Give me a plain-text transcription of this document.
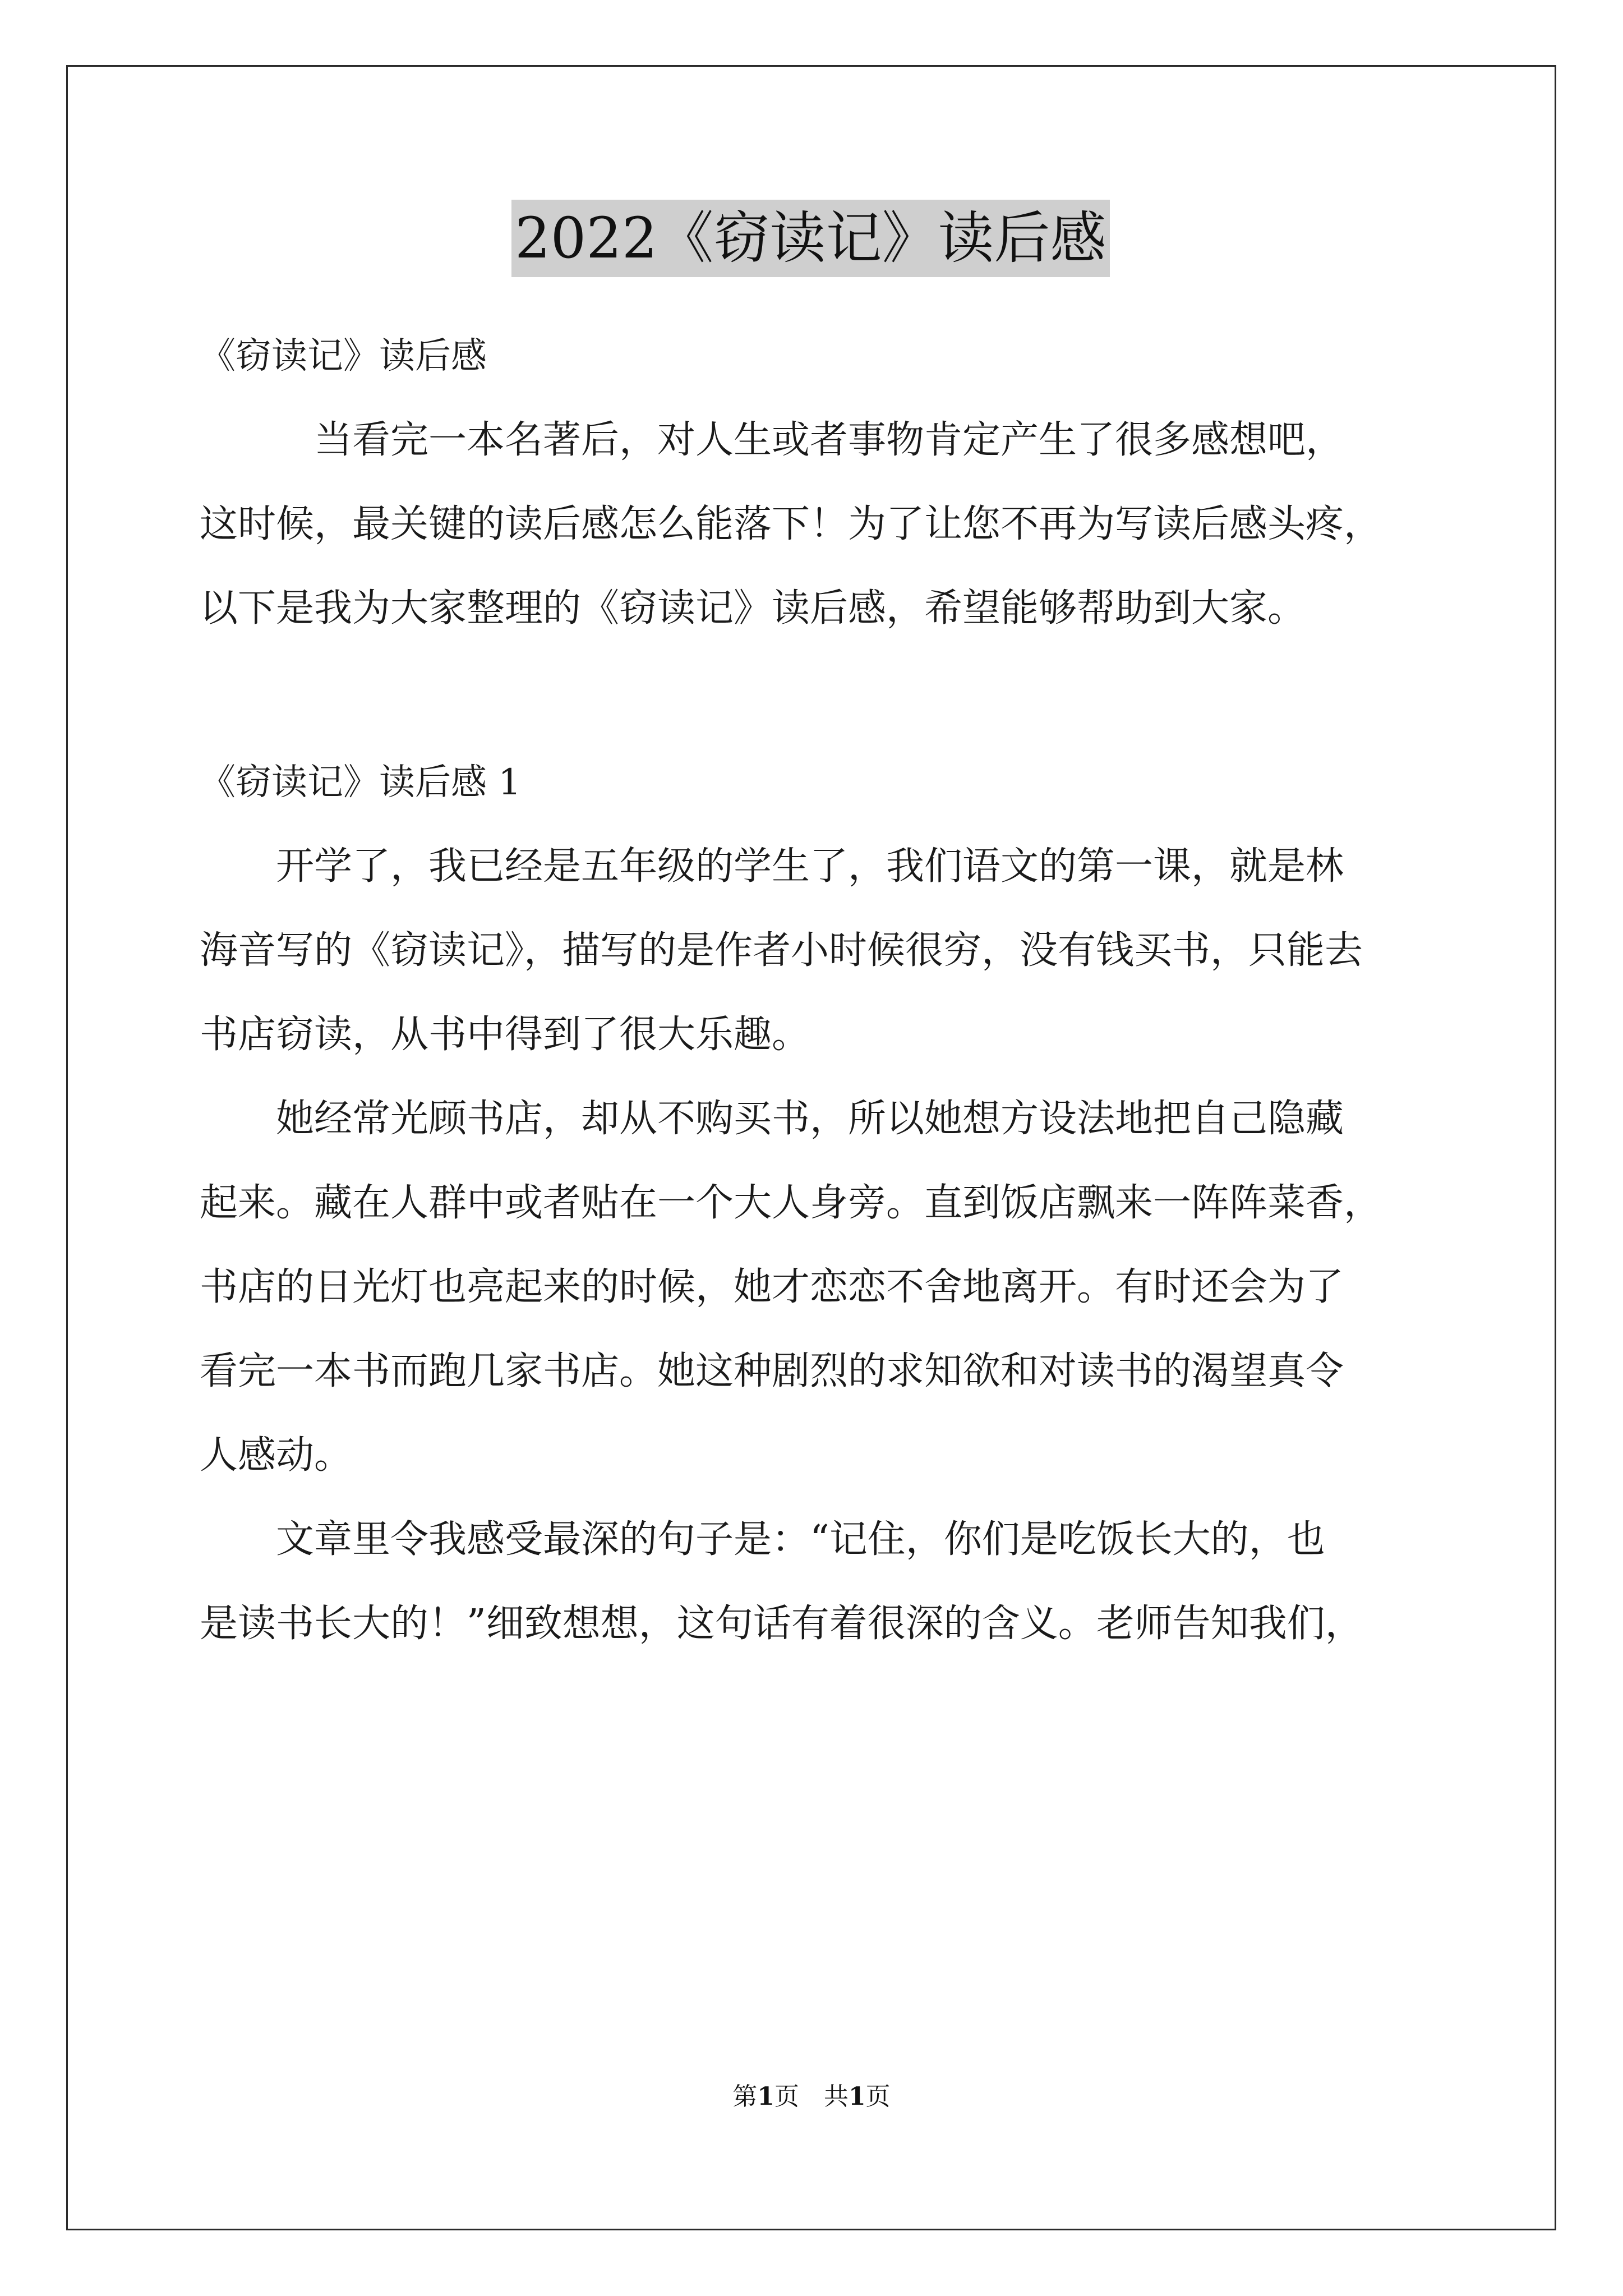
2022《窃读记》读后感

《窃读记》读后感

　　　当看完一本名著后，对人生或者事物肯定产生了很多感想吧，

这时候，最关键的读后感怎么能落下！为了让您不再为写读后感头疼，

以下是我为大家整理的《窃读记》读后感，希望能够帮助到大家。

《窃读记》读后感 1

　　开学了，我已经是五年级的学生了，我们语文的第一课，就是林

海音写的《窃读记》，描写的是作者小时候很穷，没有钱买书，只能去

书店窃读，从书中得到了很大乐趣。

　　她经常光顾书店，却从不购买书，所以她想方设法地把自己隐藏

起来。藏在人群中或者贴在一个大人身旁。直到饭店飘来一阵阵菜香，

书店的日光灯也亮起来的时候，她才恋恋不舍地离开。有时还会为了

看完一本书而跑几家书店。她这种剧烈的求知欲和对读书的渴望真令

人感动。

　　文章里令我感受最深的句子是：“记住，你们是吃饭长大的，也

是读书长大的！”细致想想，这句话有着很深的含义。老师告知我们，

第1页　共1页
